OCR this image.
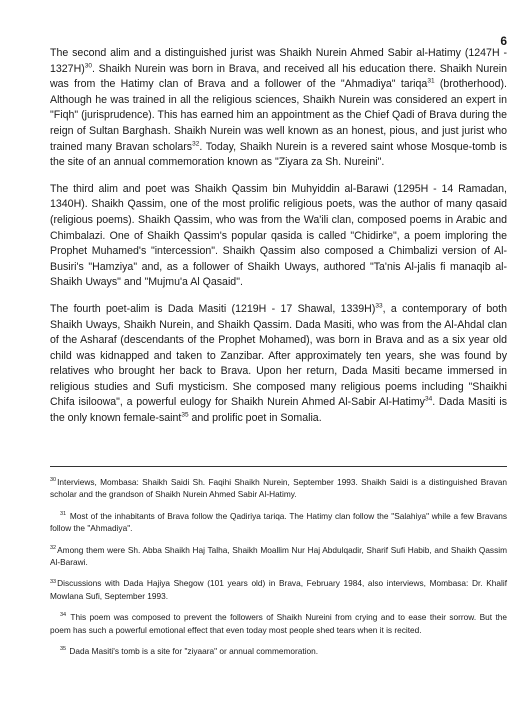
6

The second alim and a distinguished jurist was Shaikh Nurein Ahmed Sabir al-Hatimy (1247H - 1327H)$^{30}$. Shaikh Nurein was born in Brava, and received all his education there. Shaikh Nurein was from the Hatimy clan of Brava and a follower of the "Ahmadiya" tariqa$^{31}$ (brotherhood). Although he was trained in all the religious sciences, Shaikh Nurein was considered an expert in "Fiqh" (jurisprudence). This has earned him an appointment as the Chief Qadi of Brava during the reign of Sultan Barghash. Shaikh Nurein was well known as an honest, pious, and just jurist who trained many Bravan scholars$^{32}$. Today, Shaikh Nurein is a revered saint whose Mosque-tomb is the site of an annual commemoration known as "Ziyara za Sh. Nureini".

The third alim and poet was Shaikh Qassim bin Muhyiddin al-Barawi (1295H - 14 Ramadan, 1340H). Shaikh Qassim, one of the most prolific religious poets, was the author of many qasaid (religious poems). Shaikh Qassim, who was from the Wa'ili clan, composed poems in Arabic and Chimbalazi. One of Shaikh Qassim's popular qasida is called "Chidirke", a poem imploring the Prophet Muhamed's "intercession". Shaikh Qassim also composed a Chimbalizi version of Al-Busiri's "Hamziya" and, as a follower of Shaikh Uways, authored "Ta'nis Al-jalis fi manaqib al-Shaikh Uways" and "Mujmu'a Al Qasaid".

The fourth poet-alim is Dada Masiti (1219H - 17 Shawal, 1339H)$^{33}$, a contemporary of both Shaikh Uways, Shaikh Nurein, and Shaikh Qassim. Dada Masiti, who was from the Al-Ahdal clan of the Asharaf (descendants of the Prophet Mohamed), was born in Brava and as a six year old child was kidnapped and taken to Zanzibar. After approximately ten years, she was found by relatives who brought her back to Brava. Upon her return, Dada Masiti became immersed in religious studies and Sufi mysticism. She composed many religious poems including "Shaikhi Chifa isiloowa", a powerful eulogy for Shaikh Nurein Ahmed Al-Sabir Al-Hatimy$^{34}$. Dada Masiti is the only known female-saint$^{35}$ and prolific poet in Somalia.

$^{30}$Interviews, Mombasa: Shaikh Saidi Sh. Faqihi Shaikh Nurein, September 1993. Shaikh Saidi is a distinguished Bravan scholar and the grandson of Shaikh Nurein Ahmed Sabir Al-Hatimy.

$^{31}$ Most of the inhabitants of Brava follow the Qadiriya tariqa. The Hatimy clan follow the "Salahiya" while a few Bravans follow the "Ahmadiya".

$^{32}$Among them were Sh. Abba Shaikh Haj Talha, Shaikh Moallim Nur Haj Abdulqadir, Sharif Sufi Habib, and Shaikh Qassim Al-Barawi.

$^{33}$Discussions with Dada Hajiya Shegow (101 years old) in Brava, February 1984, also interviews, Mombasa: Dr. Khalif Mowlana Sufi, September 1993.

$^{34}$ This poem was composed to prevent the followers of Shaikh Nureini from crying and to ease their sorrow. But the poem has such a powerful emotional effect that even today most people shed tears when it is recited.

$^{35}$ Dada Masiti's tomb is a site for "ziyaara" or annual commemoration.
